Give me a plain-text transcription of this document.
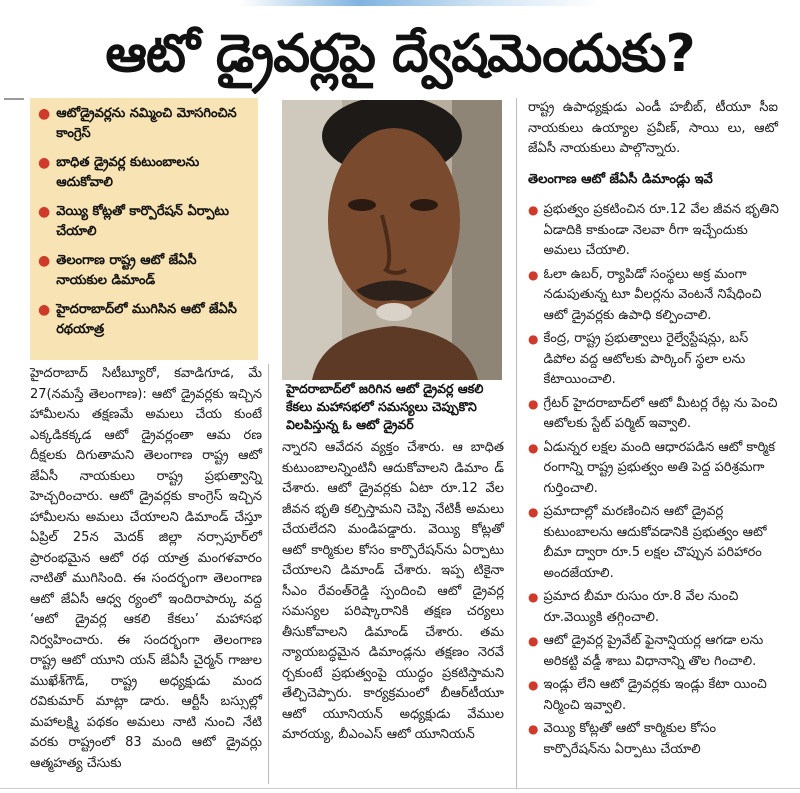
ఆటో డ్రైవర్లపై ద్వేషమెందుకు?
● ఆటోడ్రైవర్లను నమ్మించి మోసగించిన కాంగ్రెస్
● బాధిత డ్రైవర్ల కుటుంబాలను ఆదుకోవాలి
● వెయ్యి కోట్లతో కార్పొరేషన్ ఏర్పాటు చేయాలి
● తెలంగాణ రాష్ట్ర ఆటో జేఏసీ నాయకుల డిమాండ్
● హైదరాబాద్‌లో ముగిసిన ఆటో జేఏసీ రథయాత్ర
హైదరాబాద్‌లో జరిగిన ఆటో డ్రైవర్ల ఆకలి కేకలు మహాసభలో సమస్యలు చెప్పుకొని విలపిస్తున్న ఓ ఆటో డ్రైవర్
హైదరాబాద్ సిటీబ్యూరో, కవాడిగూడ, మే 27(నమస్తే తెలంగాణ): ఆటో డ్రైవర్లకు ఇచ్చిన హామీలను తక్షణమే అమలు చేయ కుంటే ఎక్కడికక్కడ ఆటో డ్రైవర్లంతా ఆమ రణ దీక్షలకు దిగుతామని తెలంగాణ రాష్ట్ర ఆటో జేఏసీ నాయకులు రాష్ట్ర ప్రభుత్వాన్ని హెచ్చరించారు. ఆటో డ్రైవర్లకు కాంగ్రెస్ ఇచ్చిన హామీలను అమలు చేయాలని డిమాండ్ చేస్తూ ఏప్రిల్ 25న మెదక్ జిల్లా నర్సాపూర్‌లో ప్రారంభమైన ఆటో రథ యాత్ర మంగళవారం నాటితో ముగిసింది. ఈ సందర్భంగా తెలంగాణ ఆటో జేఏసీ ఆధ్వ ర్యంలో ఇందిరాపార్కు వద్ద ‘ఆటో డ్రైవర్ల ఆకలి కేకలు’ మహాసభ నిర్వహించారు. ఈ సందర్భంగా తెలంగాణ రాష్ట్ర ఆటో యూని యన్ జేఏసీ చైర్మన్ గాజుల ముఖేశ్‌గౌడ్, రాష్ట్ర అధ్యక్షుడు మంద రవికుమార్ మాట్లా డారు. ఆర్టీసీ బస్సుల్లో మహాలక్ష్మి పథకం అమలు నాటి నుంచి నేటి వరకు రాష్ట్రంలో 83 మంది ఆటో డ్రైవర్లు ఆత్మహత్య చేసుకు
న్నారని ఆవేదన వ్యక్తం చేశారు. ఆ బాధిత కుటుంబాలన్నింటినీ ఆదుకోవాలని డిమాం డ్ చేశారు. ఆటో డ్రైవర్లకు ఏటా రూ.12 వేల జీవన భృతి కల్పిస్తామని చెప్పి నేటికీ అమలు చేయలేదని మండిపడ్డారు. వెయ్యి కోట్లతో ఆటో కార్మికుల కోసం కార్పొరేషన్‌ను ఏర్పాటు చేయాలని డిమాండ్ చేశారు. ఇప్ప టికైనా సీఎం రేవంత్‌రెడ్డి స్పందించి ఆటో డ్రైవర్ల సమస్యల పరిష్కారానికి తక్షణ చర్యలు తీసుకోవాలని డిమాండ్ చేశారు. తమ న్యాయబద్ధమైన డిమాండ్లను తక్షణం నెరవే ర్చకుంటే ప్రభుత్వంపై యుద్ధం ప్రకటిస్తామని తేల్చిచెప్పారు. కార్యక్రమంలో బీఆర్‌టీయూ ఆటో యూనియన్ అధ్యక్షుడు వేముల మారయ్య, బీఎంఎస్ ఆటో యూనియన్
రాష్ట్ర ఉపాధ్యక్షుడు ఎండీ హబీబ్, టీయూ సీఐ నాయకులు ఉయ్యాల ప్రవీణ్, సాయి లు, ఆటో జేఏసీ నాయకులు పాల్గొన్నారు.
తెలంగాణ ఆటో జేఏసీ డిమాండ్లు ఇవే
● ప్రభుత్వం ప్రకటించిన రూ.12 వేల జీవన భృతిని ఏడాదికి కాకుండా నెలవా రీగా ఇచ్చేందుకు అమలు చేయాలి.
● ఓలా ఉబర్, ర్యాపిడో సంస్థలు అక్ర మంగా నడుపుతున్న టూ వీలర్లను వెంటనే నిషేధించి ఆటో డ్రైవర్లకు ఉపాధి కల్పించాలి.
● కేంద్ర, రాష్ట్ర ప్రభుత్వాలు రైల్వేస్టేషన్లు, బస్ డిపోల వద్ద ఆటోలకు పార్కింగ్ స్థలా లను కేటాయించాలి.
● గ్రేటర్ హైదరాబాద్‌లో ఆటో మీటర్ల రేట్ల ను పెంచి ఆటోలకు స్టేట్ పర్మిట్ ఇవ్వాలి.
● ఏడున్నర లక్షల మంది ఆధారపడిన ఆటో కార్మిక రంగాన్ని రాష్ట్ర ప్రభుత్వం అతి పెద్ద పరిశ్రమగా గుర్తించాలి.
● ప్రమాదాల్లో మరణించిన ఆటో డ్రైవర్ల కుటుంబాలను ఆదుకోవడానికి ప్రభుత్వం ఆటో బీమా ద్వారా రూ.5 లక్షల చొప్పున పరిహారం అందజేయాలి.
● ప్రమాద బీమా రుసుం రూ.8 వేల నుంచి రూ.వెయ్యికి తగ్గించాలి.
● ఆటో డ్రైవర్ల ప్రైవేట్ ఫైనాన్షియర్ల ఆగడా లను అరికట్టి వడ్డీ శాబు విధానాన్ని తొల గించాలి.
● ఇండ్లు లేని ఆటో డ్రైవర్లకు ఇండ్లు కేటా యించి నిర్మించి ఇవ్వాలి.
● వెయ్యి కోట్లతో ఆటో కార్మికుల కోసం కార్పొరేషన్‌ను ఏర్పాటు చేయాలి
